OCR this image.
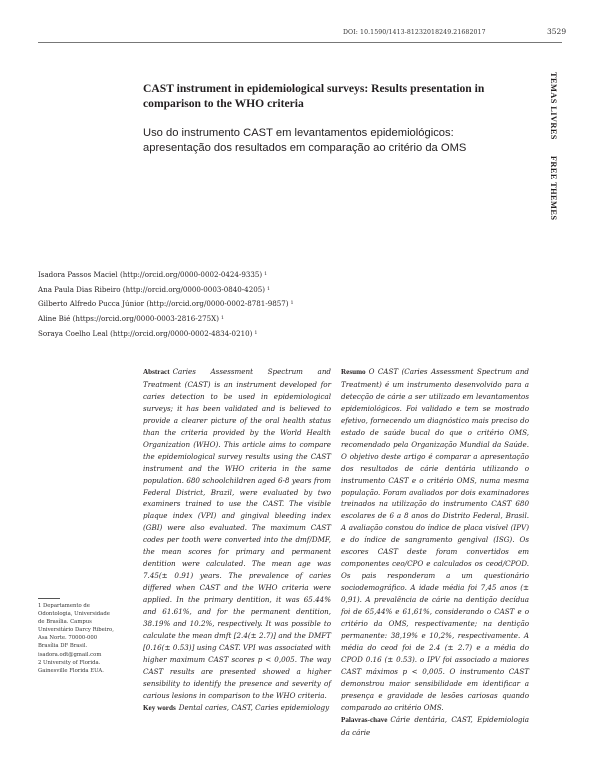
DOI: 10.1590/1413-81232018249.21682017	3529
TEMAS LIVRES    FREE THEMES
CAST instrument in epidemiological surveys: Results presentation in comparison to the WHO criteria
Uso do instrumento CAST em levantamentos epidemiológicos: apresentação dos resultados em comparação ao critério da OMS
Isadora Passos Maciel (http://orcid.org/0000-0002-0424-9335) $^1$
Ana Paula Dias Ribeiro (http://orcid.org/0000-0003-0840-4205) $^1$
Gilberto Alfredo Pucca Júnior (http://orcid.org/0000-0002-8781-9857) $^1$
Aline Bié (https://orcid.org/0000-0003-2816-275X) $^1$
Soraya Coelho Leal (http://orcid.org/0000-0002-4834-0210) $^1$
Abstract Caries Assessment Spectrum and Treatment (CAST) is an instrument developed for caries detection to be used in epidemiological surveys; it has been validated and is believed to provide a clearer picture of the oral health status than the criteria provided by the World Health Organization (WHO). This article aims to compare the epidemiological survey results using the CAST instrument and the WHO criteria in the same population. 680 schoolchildren aged 6-8 years from Federal District, Brazil, were evaluated by two examiners trained to use the CAST. The visible plaque index (VPI) and gingival bleeding index (GBI) were also evaluated. The maximum CAST codes per tooth were converted into the dmf/DMF, the mean scores for primary and permanent dentition were calculated. The mean age was 7.45(± 0.91) years. The prevalence of caries differed when CAST and the WHO criteria were applied. In the primary dentition, it was 65.44% and 61.61%, and for the permanent dentition, 38.19% and 10.2%, respectively. It was possible to calculate the mean dmft [2.4(± 2.7)] and the DMFT [0.16(± 0.53)] using CAST. VPI was associated with higher maximum CAST scores p < 0,005. The way CAST results are presented showed a higher sensibility to identify the presence and severity of carious lesions in comparison to the WHO criteria.
Key words Dental caries, CAST, Caries epidemiology
Resumo O CAST (Caries Assessment Spectrum and Treatment) é um instrumento desenvolvido para a detecção de cárie a ser utilizado em levantamentos epidemiológicos. Foi validado e tem se mostrado efetivo, fornecendo um diagnóstico mais preciso do estado de saúde bucal do que o critério OMS, recomendado pela Organização Mundial da Saúde. O objetivo deste artigo é comparar a apresentação dos resultados de cárie dentária utilizando o instrumento CAST e o critério OMS, numa mesma população. Foram avaliados por dois examinadores treinados na utilização do instrumento CAST 680 escolares de 6 a 8 anos do Distrito Federal, Brasil. A avaliação constou do índice de placa visível (IPV) e do índice de sangramento gengival (ISG). Os escores CAST deste foram convertidos em componentes ceo/CPO e calculados os ceod/CPOD. Os pais responderam a um questionário sociodemográfico. A idade média foi 7,45 anos (± 0,91). A prevalência de cárie na dentição decídua foi de 65,44% e 61,61%, considerando o CAST e o critério da OMS, respectivamente; na dentição permanente: 38,19% e 10,2%, respectivamente. A média do ceod foi de 2.4 (± 2.7) e a média do CPOD 0.16 (± 0.53). o IPV foi associado a maiores CAST máximos p < 0,005. O instrumento CAST demonstrou maior sensibilidade em identificar a presença e gravidade de lesões cariosas quando comparado ao critério OMS.
Palavras-chave Cárie dentária, CAST, Epidemiologia da cárie
1 Departamento de
Odontologia, Universidade
de Brasília. Campus
Universitário Darcy Ribeiro,
Asa Norte. 70000-000
Brasília DF Brasil.
isadora.odt@gmail.com
2 University of Florida.
Gainesville Florida EUA.
